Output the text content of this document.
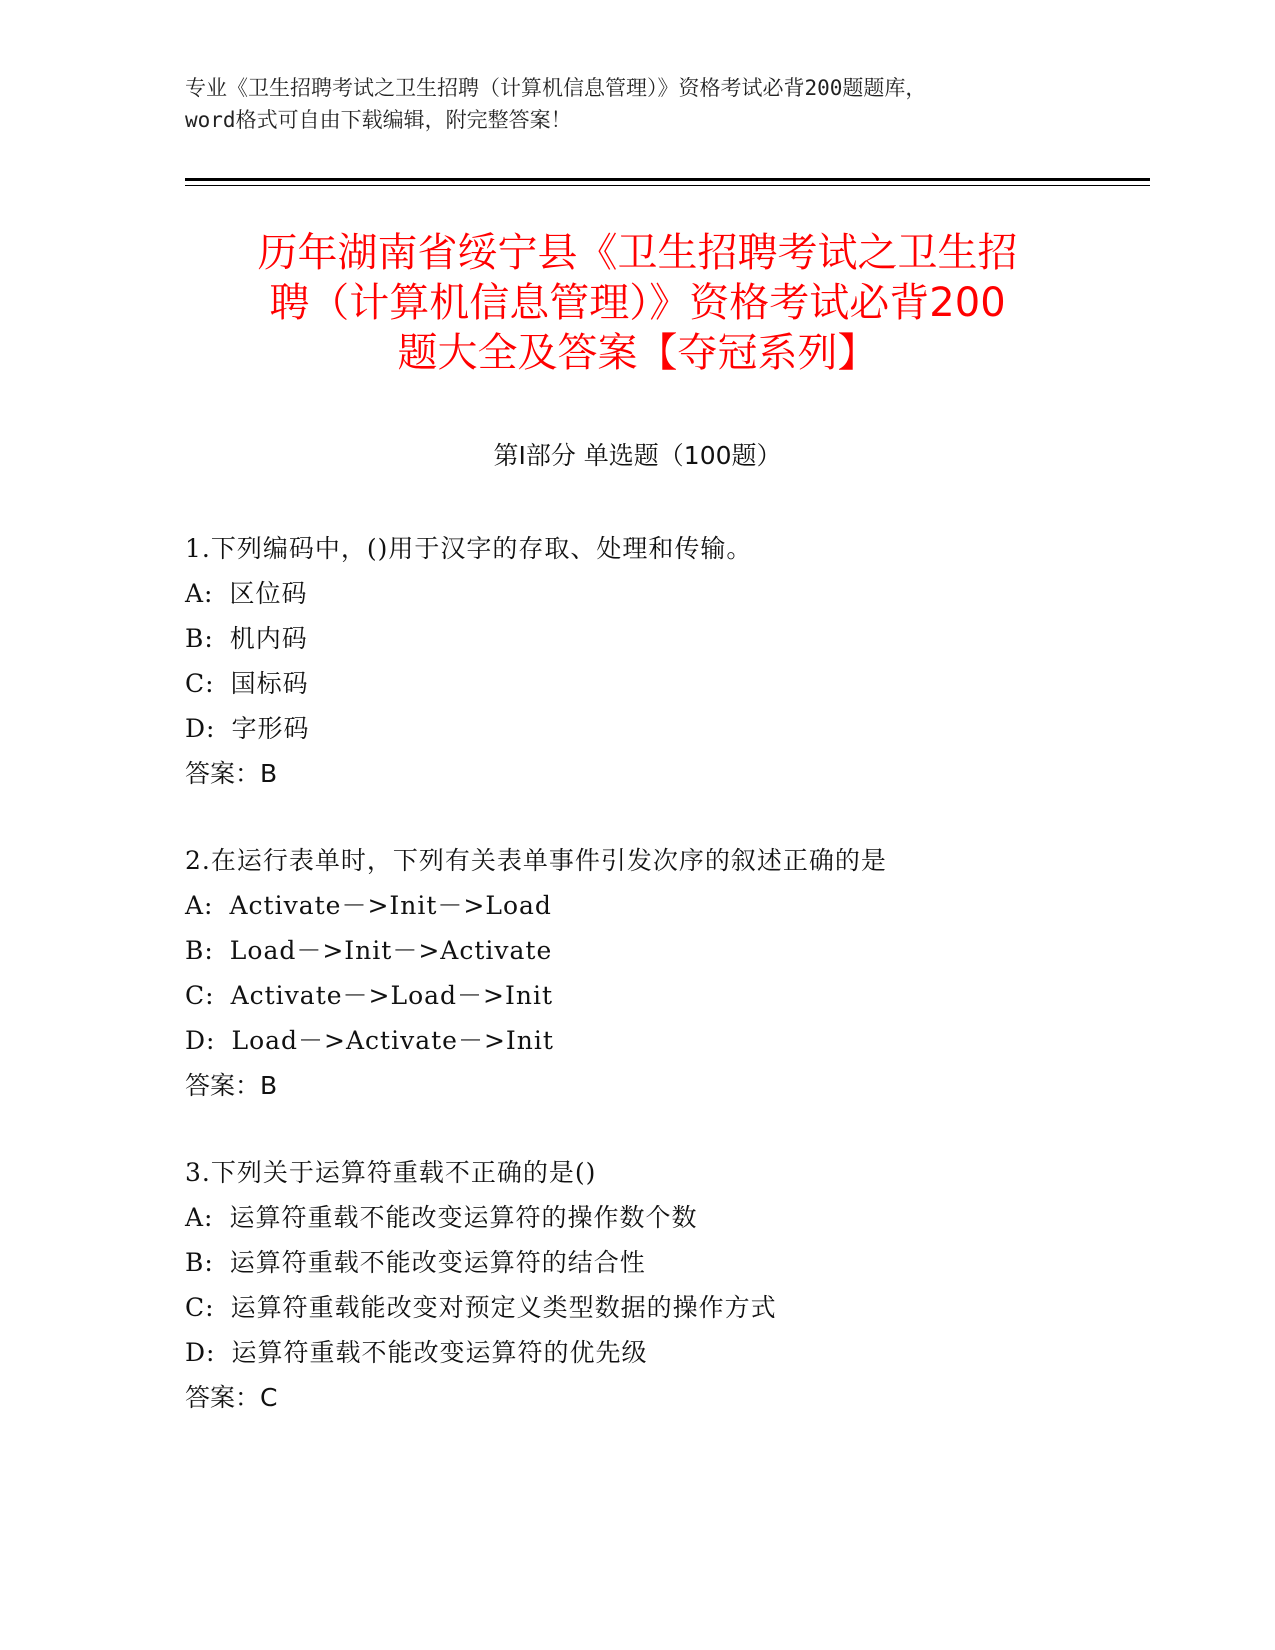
专业《卫生招聘考试之卫生招聘（计算机信息管理）》资格考试必背200题题库，
word格式可自由下载编辑，附完整答案！
历年湖南省绥宁县《卫生招聘考试之卫生招
聘（计算机信息管理）》资格考试必背200
题大全及答案【夺冠系列】
第Ⅰ部分 单选题（100题）
1.下列编码中，()用于汉字的存取、处理和传输。
A: 区位码
B: 机内码
C: 国标码
D: 字形码
答案：B
2.在运行表单时，下列有关表单事件引发次序的叙述正确的是
A: Activate－>Init－>Load
B: Load－>Init－>Activate
C: Activate－>Load－>Init
D: Load－>Activate－>Init
答案：B
3.下列关于运算符重载不正确的是()
A: 运算符重载不能改变运算符的操作数个数
B: 运算符重载不能改变运算符的结合性
C: 运算符重载能改变对预定义类型数据的操作方式
D: 运算符重载不能改变运算符的优先级
答案：C
